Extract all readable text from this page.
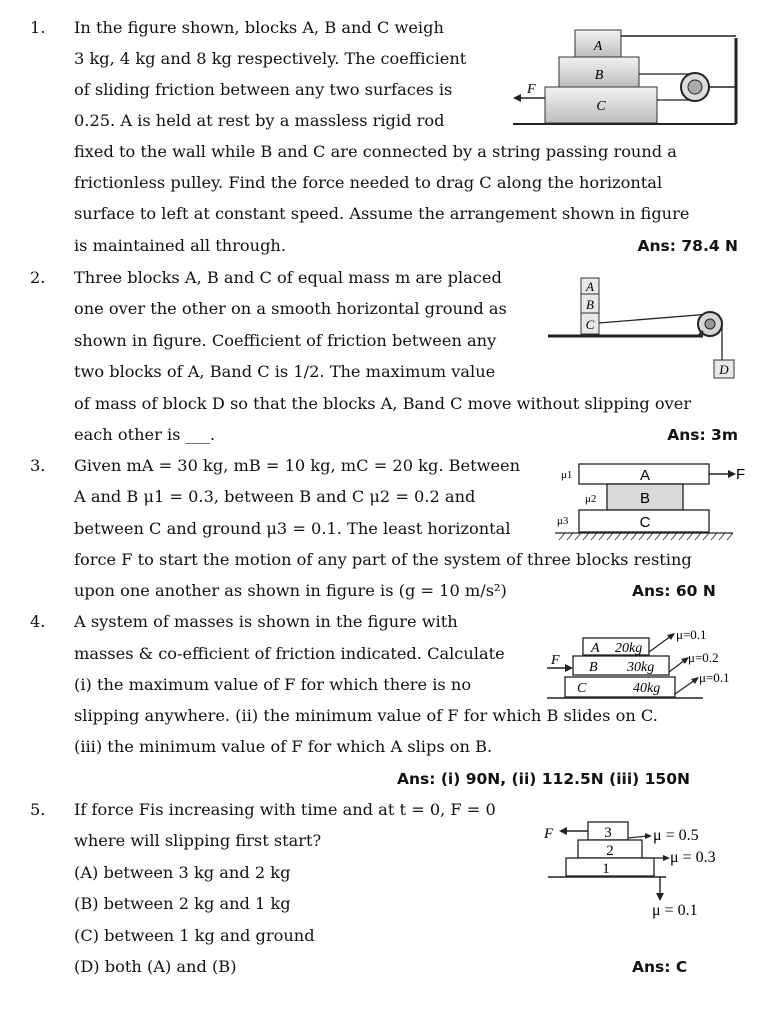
1. In the figure shown, blocks A, B and C weigh
3 kg, 4 kg and 8 kg respectively. The coefficient
of sliding friction between any two surfaces is
0.25. A is held at rest by a massless rigid rod
fixed to the wall while B and C are connected by a string passing round a
frictionless pulley. Find the force needed to drag C along the horizontal
surface to left at constant speed. Assume the arrangement shown in figure
is maintained all through.	Ans: 78.4 N
A
B
C
F
2. Three blocks A, B and C of equal mass m are placed
one over the other on a smooth horizontal ground as
shown in figure. Coefficient of friction between any
two blocks of A, Band C is 1/2. The maximum value
of mass of block D so that the blocks A, Band C move without slipping over
each other is ___.	Ans: 3m
A
B
C
D
3. Given mA = 30 kg, mB = 10 kg, mC = 20 kg. Between
A and B μ1 = 0.3, between B and C μ2 = 0.2 and
between C and ground μ3 = 0.1. The least horizontal
force F to start the motion of any part of the system of three blocks resting
upon one another as shown in figure is (g = 10 m/s²)	Ans: 60 N
A
B
C
μ1
μ2
μ3
F
4. A system of masses is shown in the figure with
masses & co-efficient of friction indicated. Calculate
(i) the maximum value of F for which there is no
slipping anywhere. (ii) the minimum value of F for which B slides on C.
(iii) the minimum value of F for which A slips on B.
Ans: (i) 90N, (ii) 112.5N (iii) 150N
A 20kg
B 30kg
C	40kg
F
μ=0.1
μ=0.2
μ=0.1
5. If force Fis increasing with time and at t = 0, F = 0
where will slipping first start?
(A) between 3 kg and 2 kg
(B) between 2 kg and 1 kg
(C) between 1 kg and ground
(D) both (A) and (B)	Ans: C
3
2
1
F	μ = 0.5
μ = 0.3
μ = 0.1
